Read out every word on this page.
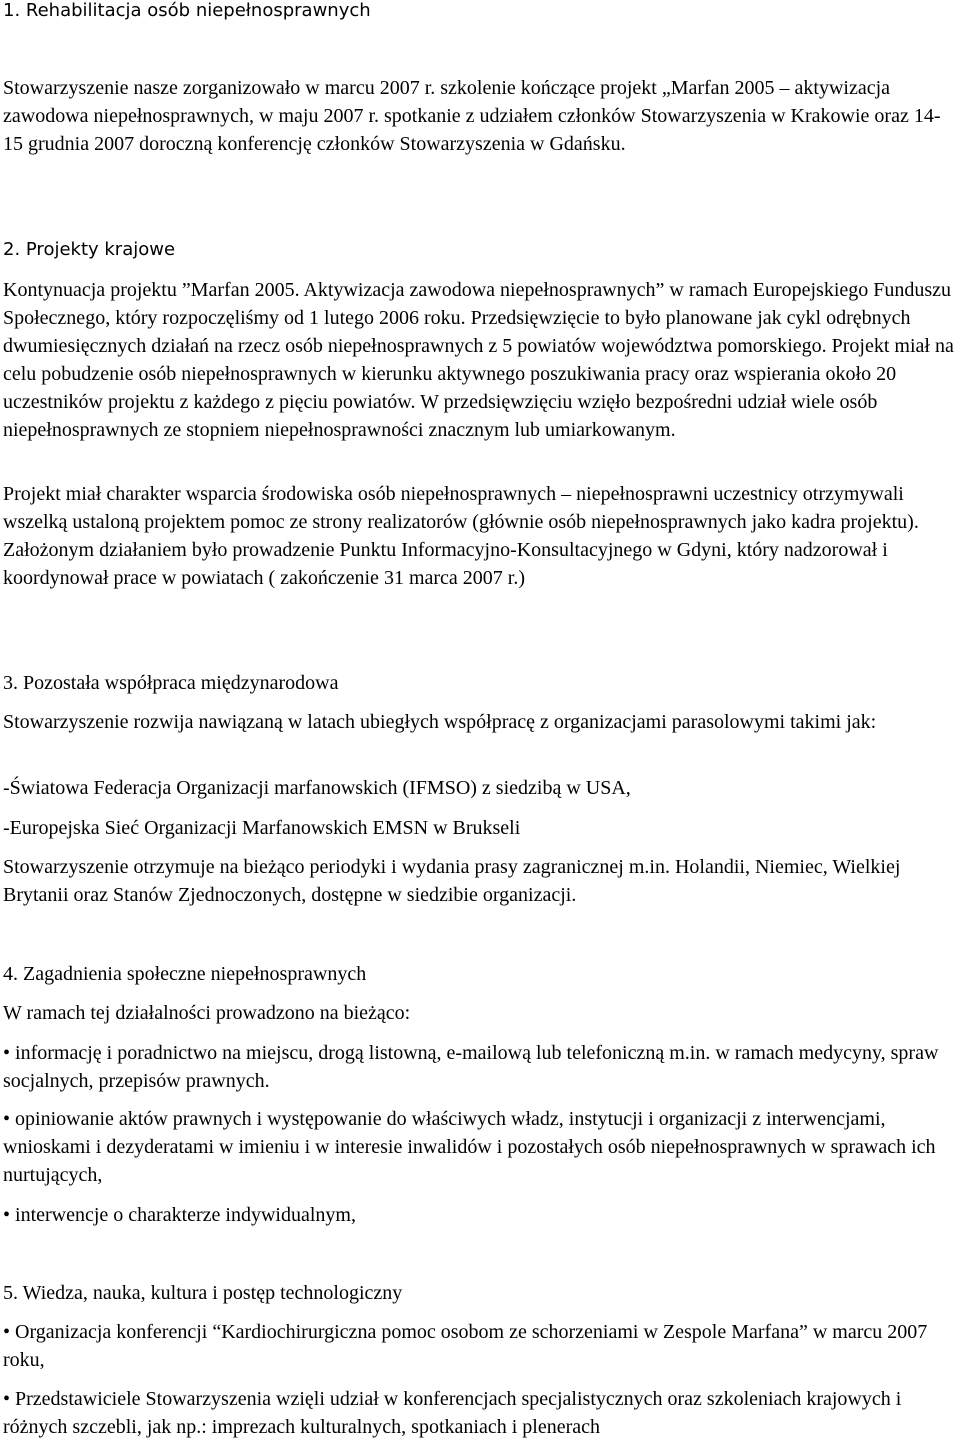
1. Rehabilitacja osób niepełnosprawnych

Stowarzyszenie nasze zorganizowało w marcu 2007 r. szkolenie kończące projekt „Marfan 2005 – aktywizacja zawodowa niepełnosprawnych, w maju 2007 r. spotkanie z udziałem członków Stowarzyszenia w Krakowie oraz 14-15 grudnia 2007 doroczną konferencję członków Stowarzyszenia w Gdańsku.

2. Projekty krajowe

Kontynuacja projektu ”Marfan 2005. Aktywizacja zawodowa niepełnosprawnych” w ramach Europejskiego Funduszu Społecznego, który rozpoczęliśmy od 1 lutego 2006 roku. Przedsięwzięcie to było planowane jak cykl odrębnych dwumiesięcznych działań na rzecz osób niepełnosprawnych z 5 powiatów województwa pomorskiego. Projekt miał na celu pobudzenie osób niepełnosprawnych w kierunku aktywnego poszukiwania pracy oraz wspierania około 20 uczestników projektu z każdego z pięciu powiatów. W przedsięwzięciu wzięło bezpośredni udział wiele osób niepełnosprawnych ze stopniem niepełnosprawności znacznym lub umiarkowanym.

Projekt miał charakter wsparcia środowiska osób niepełnosprawnych – niepełnosprawni uczestnicy otrzymywali wszelką ustaloną projektem pomoc ze strony realizatorów (głównie osób niepełnosprawnych jako kadra projektu). Założonym działaniem było prowadzenie Punktu Informacyjno-Konsultacyjnego w Gdyni, który nadzorował i koordynował prace w powiatach ( zakończenie 31 marca 2007 r.)

3. Pozostała współpraca międzynarodowa

Stowarzyszenie rozwija nawiązaną w latach ubiegłych współpracę z organizacjami parasolowymi takimi jak:

-Światowa Federacja Organizacji marfanowskich (IFMSO) z siedzibą w USA,

-Europejska Sieć Organizacji Marfanowskich EMSN w Brukseli

Stowarzyszenie otrzymuje na bieżąco periodyki i wydania prasy zagranicznej m.in. Holandii, Niemiec, Wielkiej Brytanii oraz Stanów Zjednoczonych, dostępne w siedzibie organizacji.

4. Zagadnienia społeczne niepełnosprawnych

W ramach tej działalności prowadzono na bieżąco:

• informację i poradnictwo na miejscu, drogą listowną, e-mailową lub telefoniczną m.in. w ramach medycyny, spraw socjalnych, przepisów prawnych.

• opiniowanie aktów prawnych i występowanie do właściwych władz, instytucji i organizacji z interwencjami, wnioskami i dezyderatami w imieniu i w interesie inwalidów i pozostałych osób niepełnosprawnych w sprawach ich nurtujących,

• interwencje o charakterze indywidualnym,

5. Wiedza, nauka, kultura i postęp technologiczny

• Organizacja konferencji “Kardiochirurgiczna pomoc osobom ze schorzeniami w Zespole Marfana” w marcu 2007 roku,

• Przedstawiciele Stowarzyszenia wzięli udział w konferencjach specjalistycznych oraz szkoleniach krajowych i różnych szczebli, jak np.: imprezach kulturalnych, spotkaniach i plenerach
